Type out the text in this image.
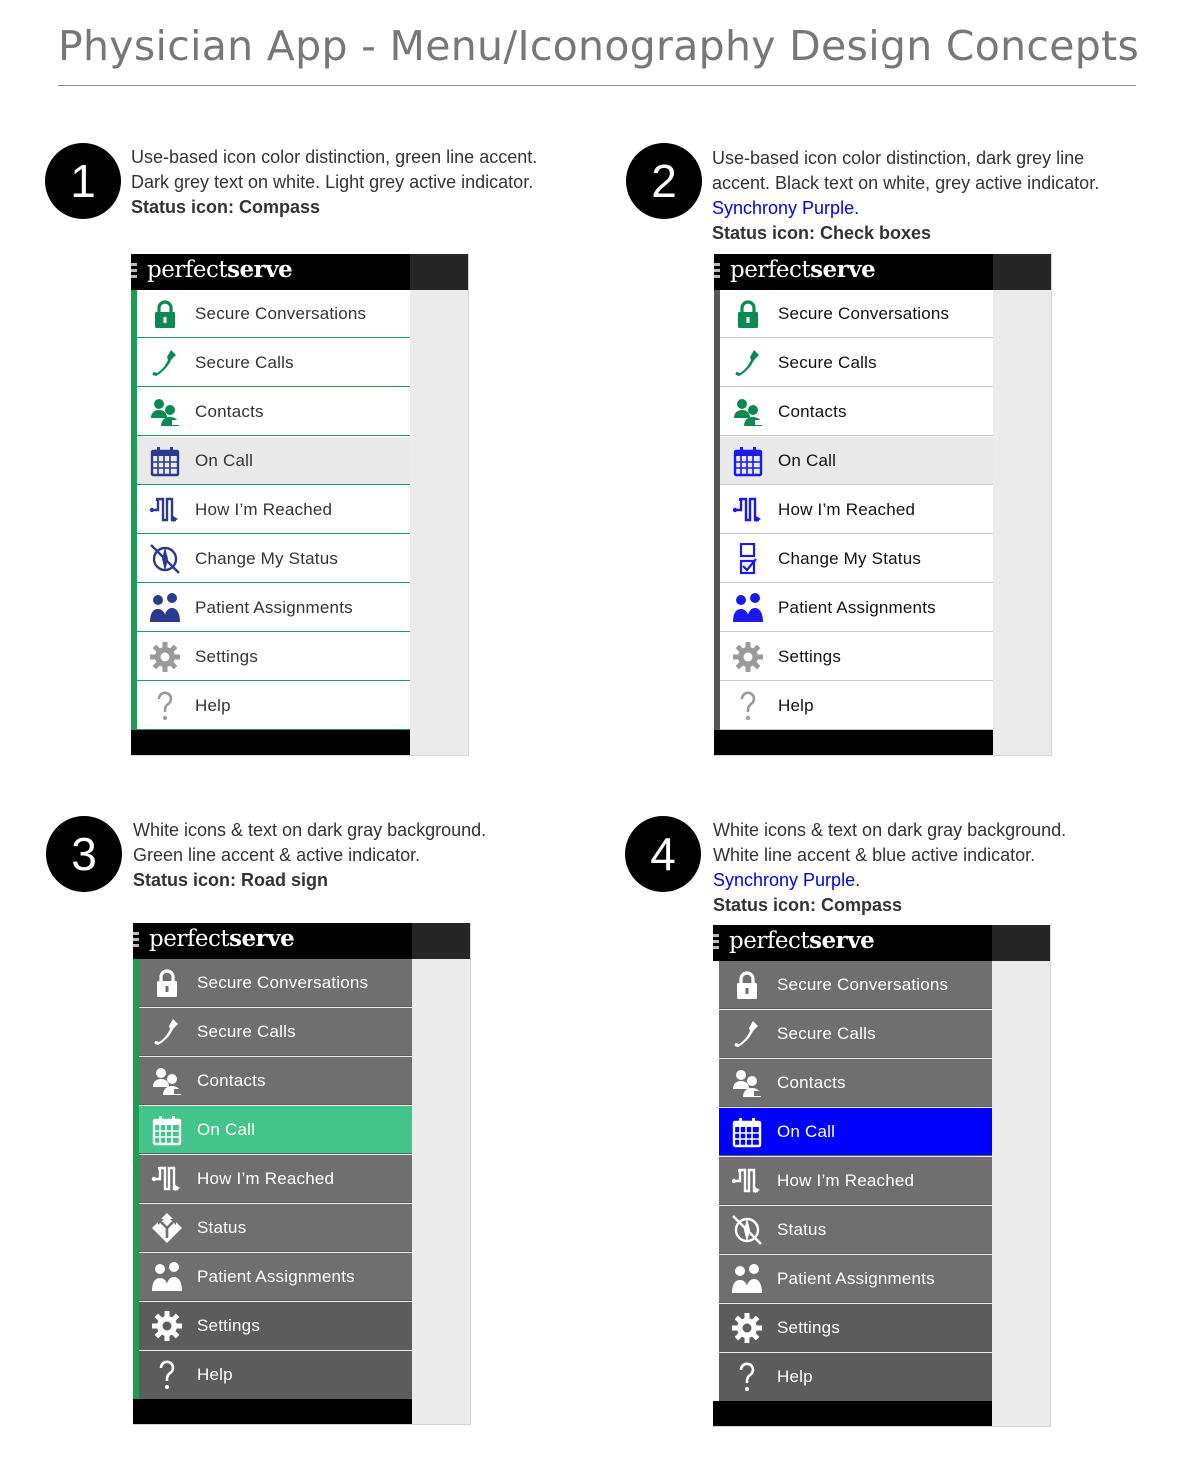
Physician App - Menu/Iconography Design Concepts
1	Use-based icon color distinction, green line accent.
Dark grey text on white. Light grey active indicator.
Status icon: Compass
perfectserve
Secure Conversations
Secure Calls
Contacts
On Call
How I’m Reached
Change My Status
Patient Assignments
Settings
Help
2	Use-based icon color distinction, dark grey line
accent. Black text on white, grey active indicator.
Synchrony Purple.
Status icon: Check boxes
perfectserve
Secure Conversations
Secure Calls
Contacts
On Call
How I’m Reached
Change My Status
Patient Assignments
Settings
Help
3	White icons & text on dark gray background.
Green line accent & active indicator.
Status icon: Road sign
perfectserve
Secure Conversations
Secure Calls
Contacts
On Call
How I’m Reached
Status
Patient Assignments
Settings
Help
4	White icons & text on dark gray background.
White line accent & blue active indicator.
Synchrony Purple.
Status icon: Compass
perfectserve
Secure Conversations
Secure Calls
Contacts
On Call
How I’m Reached
Status
Patient Assignments
Settings
Help
